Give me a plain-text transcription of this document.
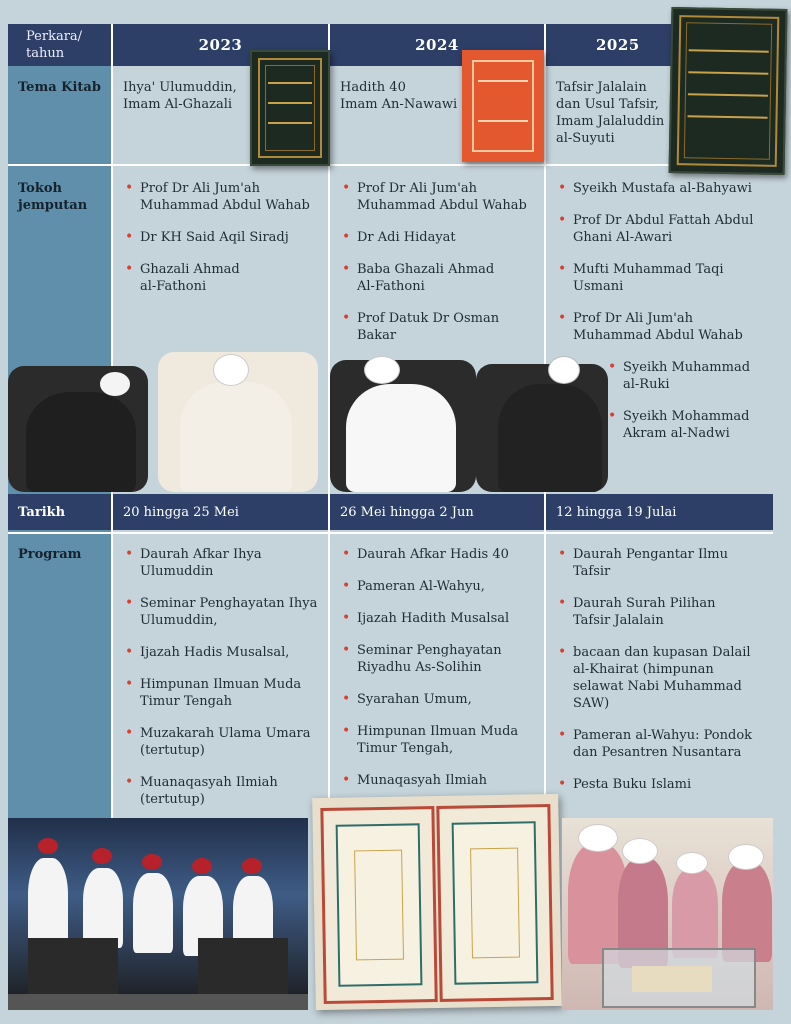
Perkara/
tahun	2023	2024	2025
Tema Kitab Ihya' Ulumuddin,
Imam Al-Ghazali
Hadith 40
Imam An-Nawawi
Tafsir Jalalain
dan Usul Tafsir,
Imam Jalaluddin
al-Suyuti
Tokoh
jemputan
• Prof Dr Ali Jum'ah
Muhammad Abdul Wahab
• Dr KH Said Aqil Siradj
• Ghazali Ahmad
al-Fathoni
• Prof Dr Ali Jum'ah
Muhammad Abdul Wahab
• Dr Adi Hidayat
• Baba Ghazali Ahmad
Al-Fathoni
• Prof Datuk Dr Osman
Bakar
• Syeikh Mustafa al-Bahyawi
• Prof Dr Abdul Fattah Abdul
Ghani Al-Awari
• Mufti Muhammad Taqi
Usmani
• Prof Dr Ali Jum'ah
Muhammad Abdul Wahab
• Syeikh Muhammad
al-Ruki
• Syeikh Mohammad
Akram al-Nadwi
Tarikh	20 hingga 25 Mei	26 Mei hingga 2 Jun	12 hingga 19 Julai
Program
•	Daurah Afkar Ihya
Ulumuddin
• Seminar Penghayatan Ihya
Ulumuddin,
• Ijazah Hadis Musalsal,
• Himpunan Ilmuan Muda
Timur Tengah
• Muzakarah Ulama Umara
(tertutup)
• Muanaqasyah Ilmiah
(tertutup)
• Daurah Afkar Hadis 40
• Pameran Al-Wahyu,
• Ijazah Hadith Musalsal
• Seminar Penghayatan
Riyadhu As-Solihin
• Syarahan Umum,
• Himpunan Ilmuan Muda
Timur Tengah,
• Munaqasyah Ilmiah
• Daurah Pengantar Ilmu
Tafsir
• Daurah Surah Pilihan
Tafsir Jalalain
• bacaan dan kupasan Dalail
al-Khairat (himpunan
selawat Nabi Muhammad
SAW)
• Pameran al-Wahyu: Pondok
dan Pesantren Nusantara
• Pesta Buku Islami
